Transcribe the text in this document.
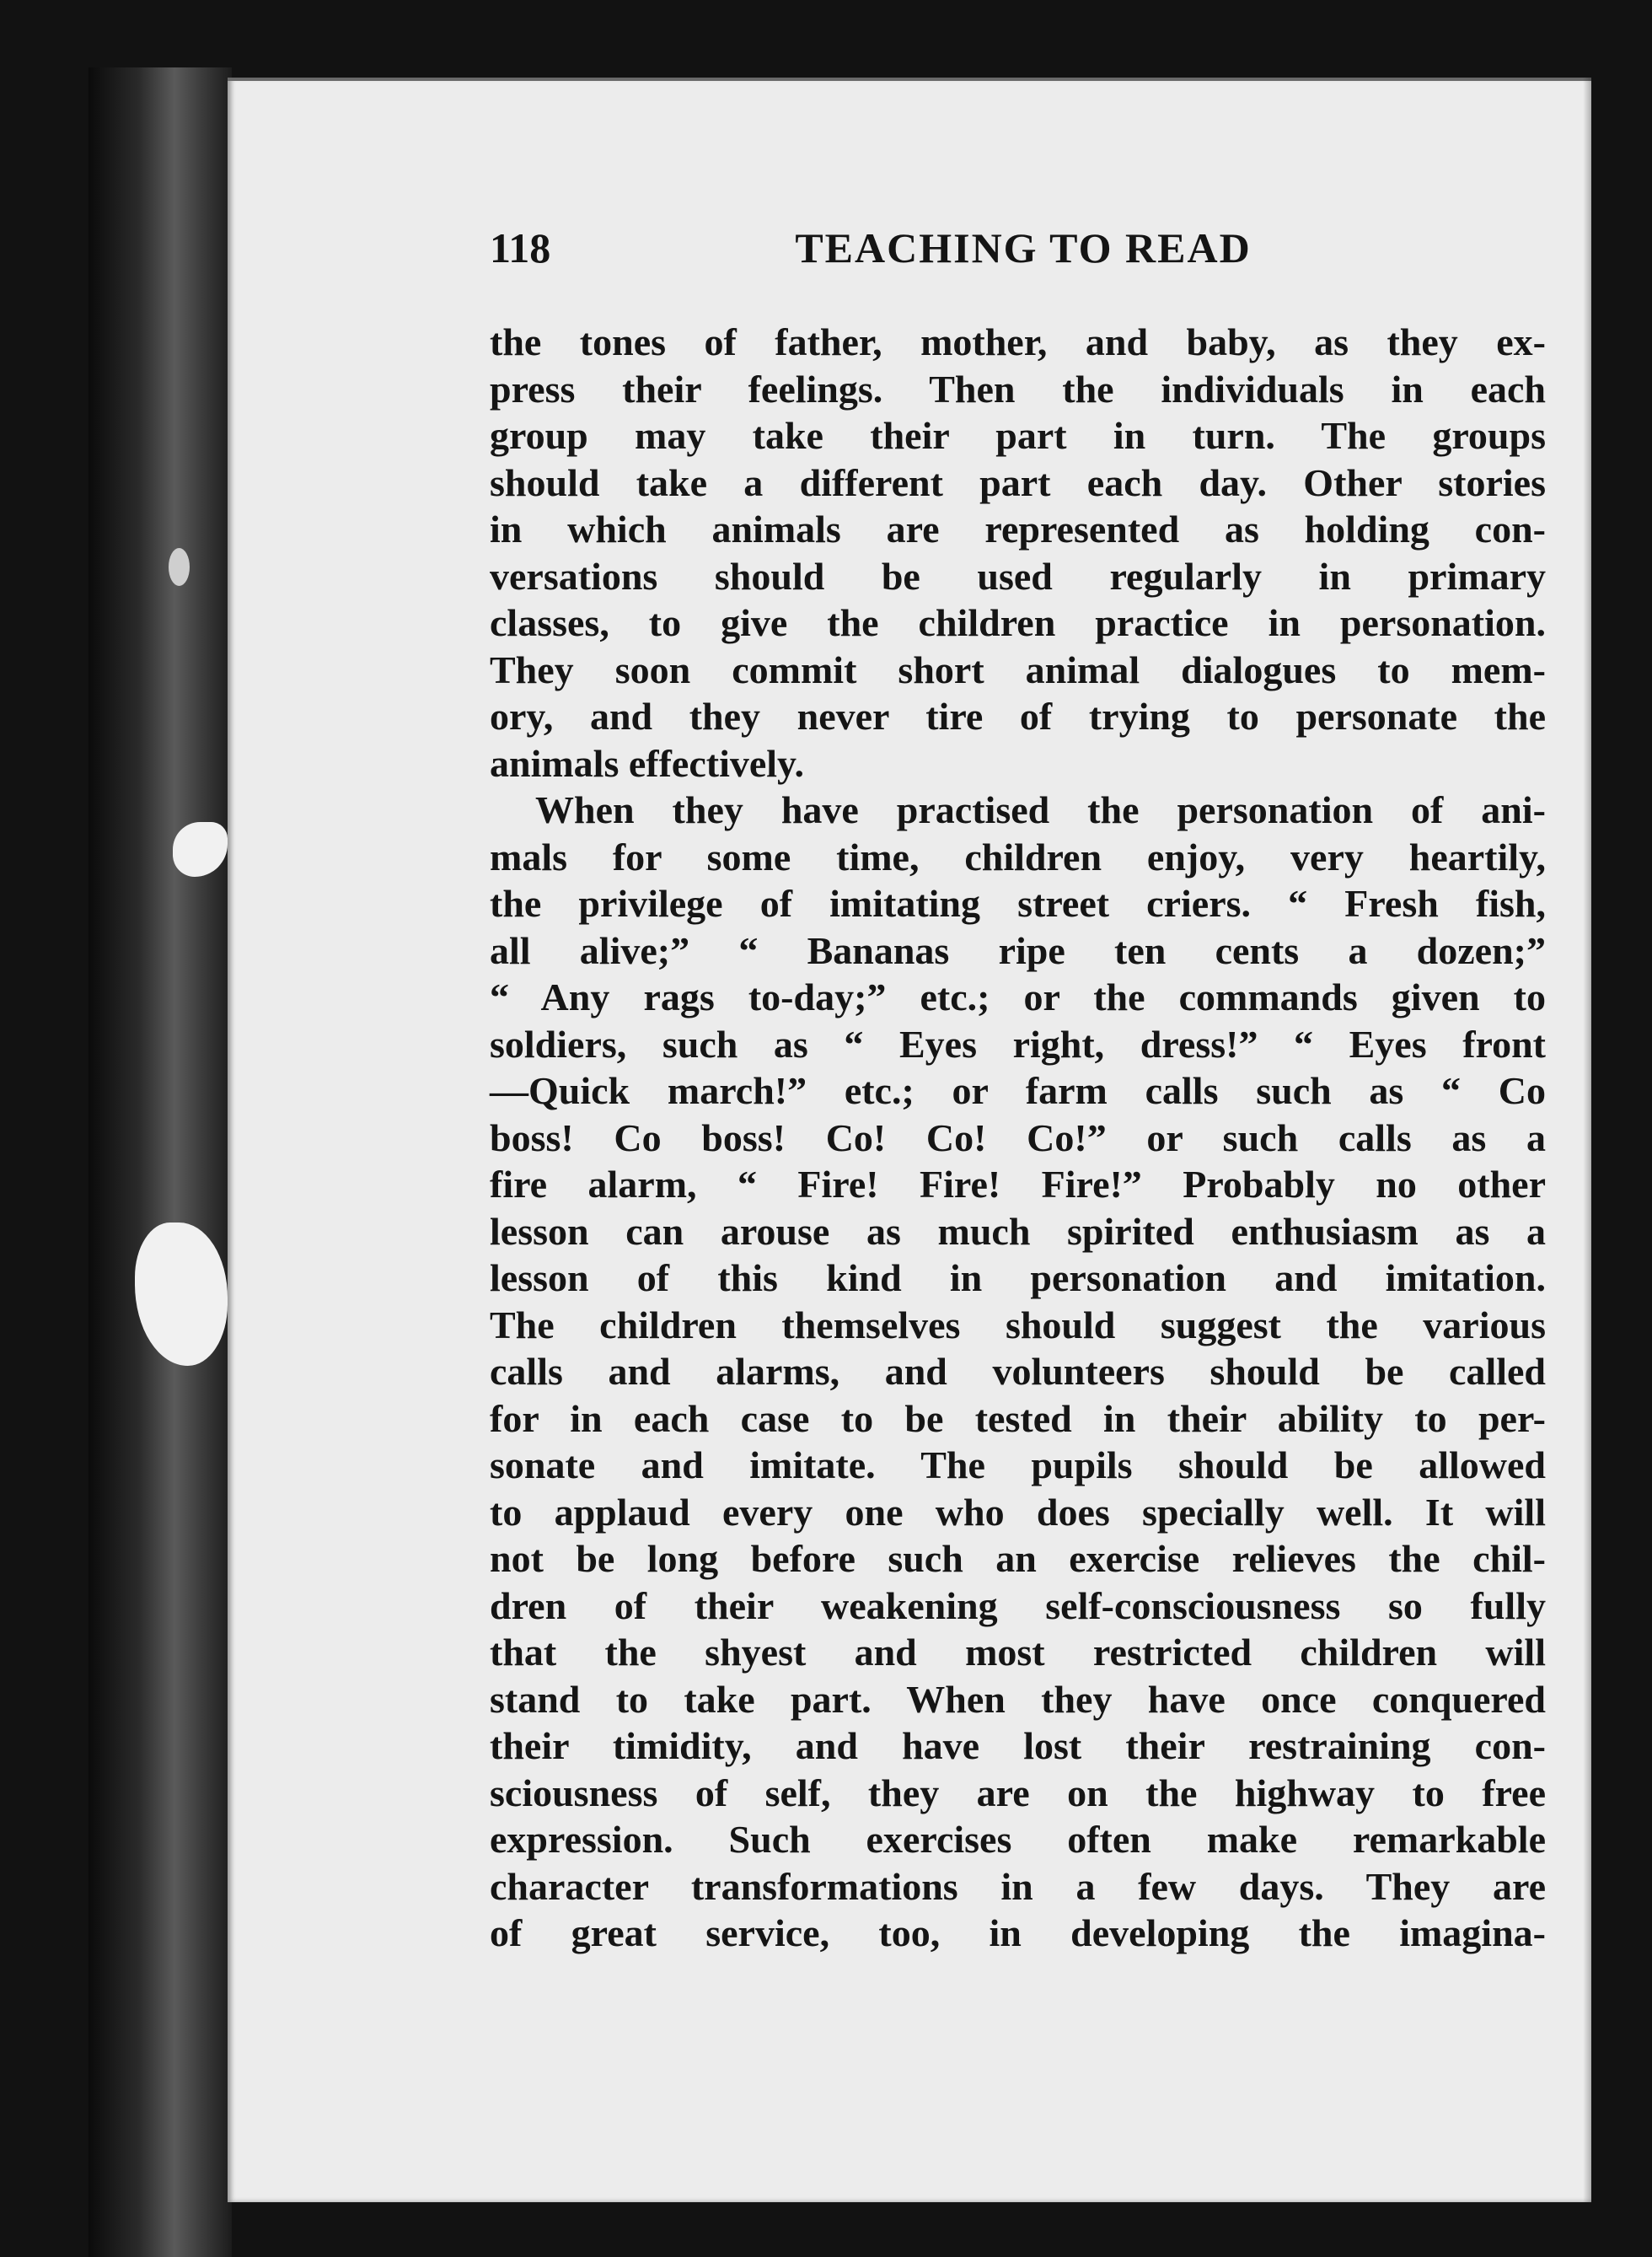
118	TEACHING TO READ
the tones of father, mother, and baby, as they ex-
press their feelings. Then the individuals in each
group may take their part in turn. The groups
should take a different part each day. Other stories
in which animals are represented as holding con-
versations should be used regularly in primary
classes, to give the children practice in personation.
They soon commit short animal dialogues to mem-
ory, and they never tire of trying to personate the
animals effectively.
When they have practised the personation of ani-
mals for some time, children enjoy, very heartily,
the privilege of imitating street criers. “ Fresh fish,
all alive;” “ Bananas ripe ten cents a dozen;”
“ Any rags to-day;” etc.; or the commands given to
soldiers, such as “ Eyes right, dress!” “ Eyes front
—Quick march!” etc.; or farm calls such as “ Co
boss! Co boss! Co! Co! Co!” or such calls as a
fire alarm, “ Fire! Fire! Fire!” Probably no other
lesson can arouse as much spirited enthusiasm as a
lesson of this kind in personation and imitation.
The children themselves should suggest the various
calls and alarms, and volunteers should be called
for in each case to be tested in their ability to per-
sonate and imitate. The pupils should be allowed
to applaud every one who does specially well. It will
not be long before such an exercise relieves the chil-
dren of their weakening self-consciousness so fully
that the shyest and most restricted children will
stand to take part. When they have once conquered
their timidity, and have lost their restraining con-
sciousness of self, they are on the highway to free
expression. Such exercises often make remarkable
character transformations in a few days. They are
of great service, too, in developing the imagina-
